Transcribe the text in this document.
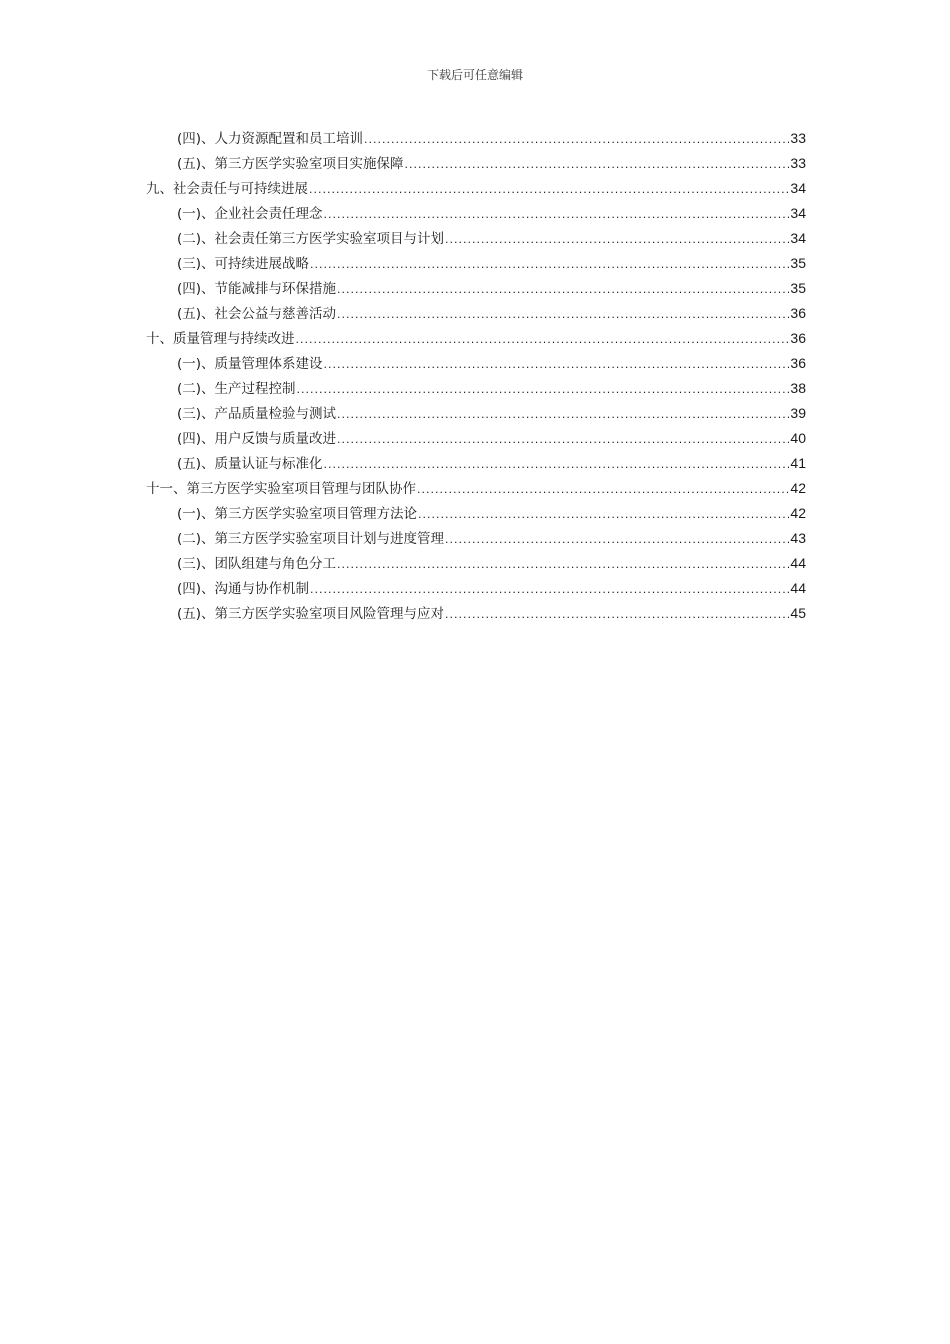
下载后可任意编辑
(四)、人力资源配置和员工培训 .....	33
(五)、第三方医学实验室项目实施保障 .....	33
九、社会责任与可持续进展 .....	34
(一)、企业社会责任理念 .....	34
(二)、社会责任第三方医学实验室项目与计划 .....	34
(三)、可持续进展战略 .....	35
(四)、节能减排与环保措施 .....	35
(五)、社会公益与慈善活动 .....	36
十、质量管理与持续改进 .....	36
(一)、质量管理体系建设 .....	36
(二)、生产过程控制 .....	38
(三)、产品质量检验与测试 .....	39
(四)、用户反馈与质量改进 .....	40
(五)、质量认证与标准化 .....	41
十一、第三方医学实验室项目管理与团队协作 .....	42
(一)、第三方医学实验室项目管理方法论 .....	42
(二)、第三方医学实验室项目计划与进度管理 .....	43
(三)、团队组建与角色分工 .....	44
(四)、沟通与协作机制 .....	44
(五)、第三方医学实验室项目风险管理与应对 .....	45
